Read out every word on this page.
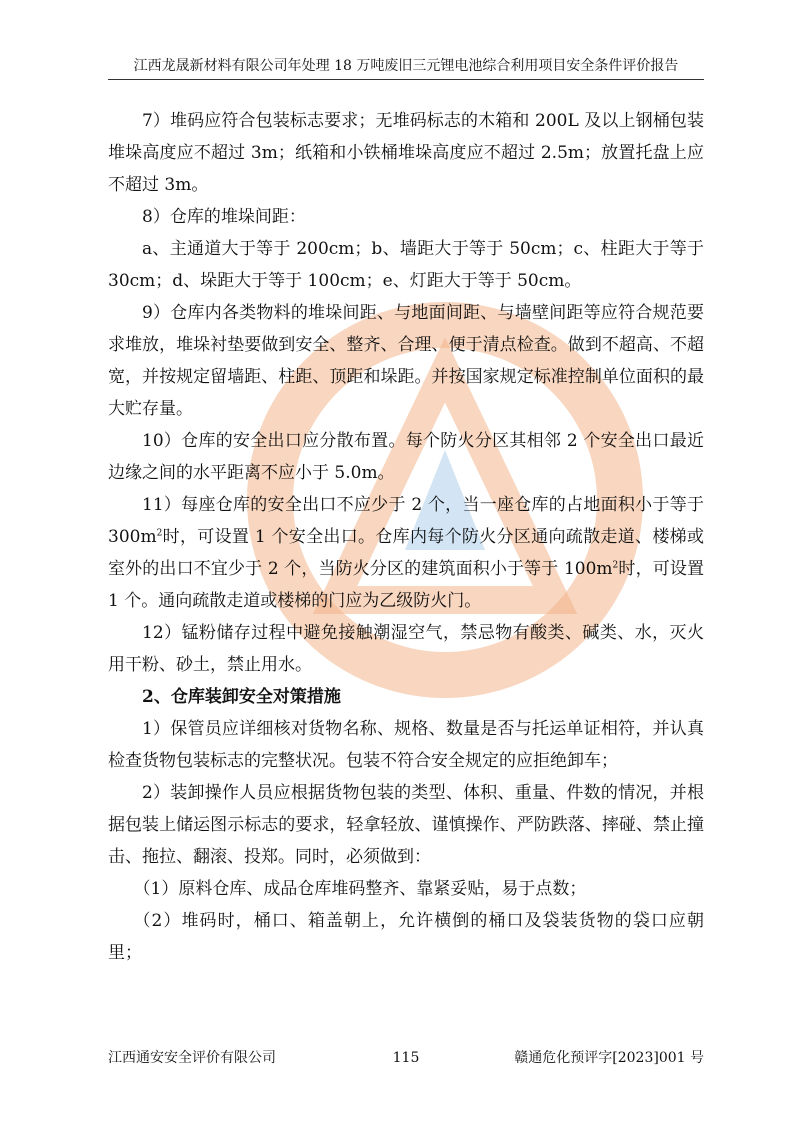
江西龙晟新材料有限公司年处理 18 万吨废旧三元锂电池综合利用项目安全条件评价报告

7）堆码应符合包装标志要求；无堆码标志的木箱和 200L 及以上钢桶包装堆垛高度应不超过 3m；纸箱和小铁桶堆垛高度应不超过 2.5m；放置托盘上应不超过 3m。

8）仓库的堆垛间距：

a、主通道大于等于 200cm；b、墙距大于等于 50cm；c、柱距大于等于 30cm；d、垛距大于等于 100cm；e、灯距大于等于 50cm。

9）仓库内各类物料的堆垛间距、与地面间距、与墙壁间距等应符合规范要求堆放，堆垛衬垫要做到安全、整齐、合理、便于清点检查。做到不超高、不超宽，并按规定留墙距、柱距、顶距和垛距。并按国家规定标准控制单位面积的最大贮存量。

10）仓库的安全出口应分散布置。每个防火分区其相邻 2 个安全出口最近边缘之间的水平距离不应小于 5.0m。

11）每座仓库的安全出口不应少于 2 个，当一座仓库的占地面积小于等于 $300m^2$时，可设置 1 个安全出口。仓库内每个防火分区通向疏散走道、楼梯或室外的出口不宜少于 2 个，当防火分区的建筑面积小于等于 $100m^2$时，可设置 1 个。通向疏散走道或楼梯的门应为乙级防火门。

12）锰粉储存过程中避免接触潮湿空气，禁忌物有酸类、碱类、水，灭火用干粉、砂土，禁止用水。

2、仓库装卸安全对策措施

1）保管员应详细核对货物名称、规格、数量是否与托运单证相符，并认真检查货物包装标志的完整状况。包装不符合安全规定的应拒绝卸车；

2）装卸操作人员应根据货物包装的类型、体积、重量、件数的情况，并根据包装上储运图示标志的要求，轻拿轻放、谨慎操作、严防跌落、摔碰、禁止撞击、拖拉、翻滚、投郑。同时，必须做到：

（1）原料仓库、成品仓库堆码整齐、靠紧妥贴，易于点数；

（2）堆码时，桶口、箱盖朝上，允许横倒的桶口及袋装货物的袋口应朝里；

江西通安安全评价有限公司	115	赣通危化预评字[2023]001 号
